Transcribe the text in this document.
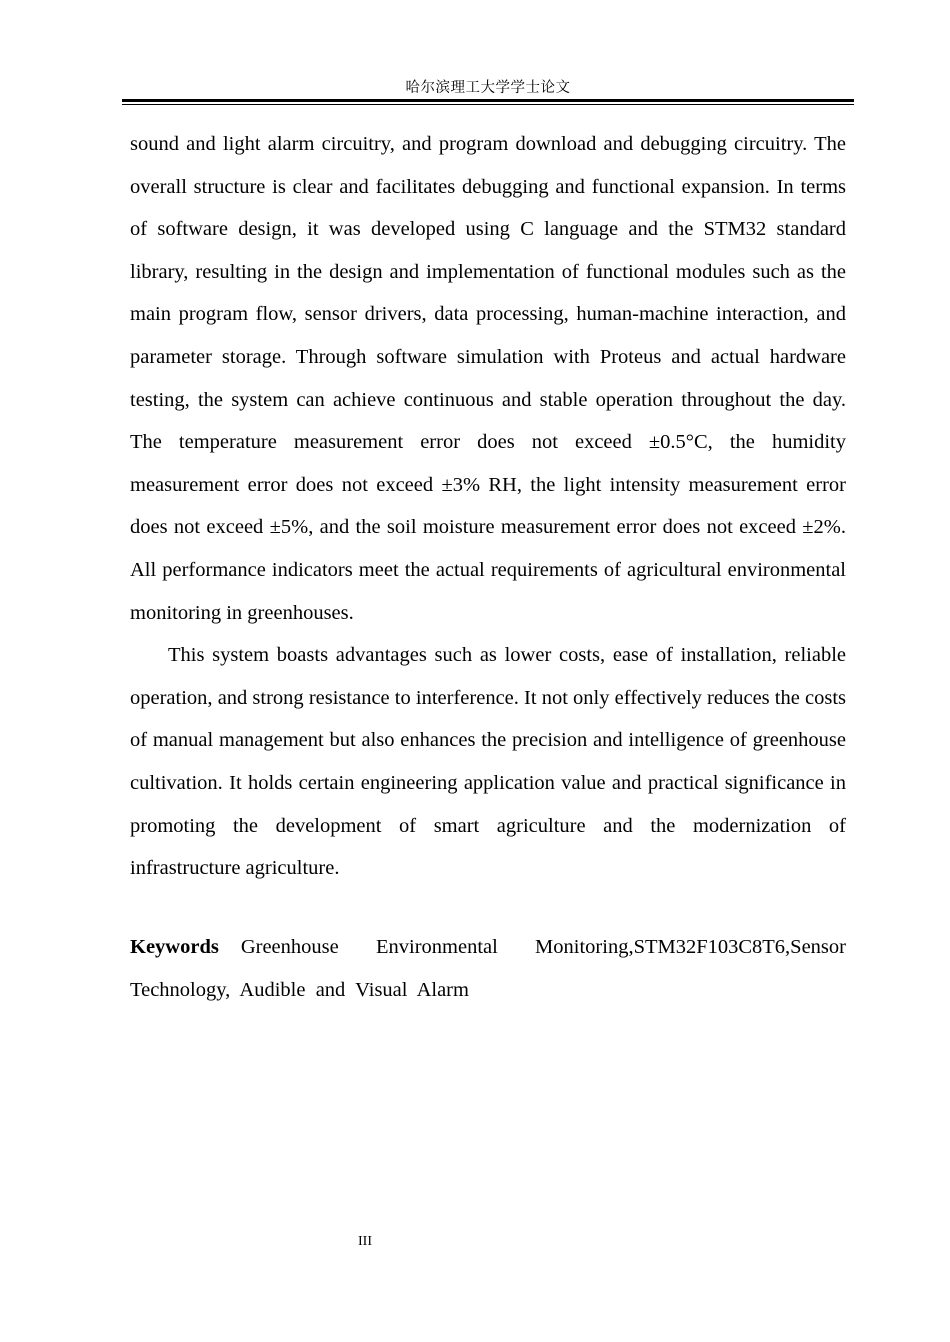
哈尔滨理工大学学士论文

sound and light alarm circuitry, and program download and debugging circuitry. The overall structure is clear and facilitates debugging and functional expansion. In terms of software design, it was developed using C language and the STM32 standard library, resulting in the design and implementation of functional modules such as the main program flow, sensor drivers, data processing, human-machine interaction, and parameter storage. Through software simulation with Proteus and actual hardware testing, the system can achieve continuous and stable operation throughout the day. The temperature measurement error does not exceed ±0.5°C, the humidity measurement error does not exceed ±3% RH, the light intensity measurement error does not exceed ±5%, and the soil moisture measurement error does not exceed ±2%. All performance indicators meet the actual requirements of agricultural environmental monitoring in greenhouses.

This system boasts advantages such as lower costs, ease of installation, reliable operation, and strong resistance to interference. It not only effectively reduces the costs of manual management but also enhances the precision and intelligence of greenhouse cultivation. It holds certain engineering application value and practical significance in promoting the development of smart agriculture and the modernization of infrastructure agriculture.

Keywords Greenhouse Environmental Monitoring,STM32F103C8T6,Sensor Technology,  Audible  and  Visual  Alarm

III
